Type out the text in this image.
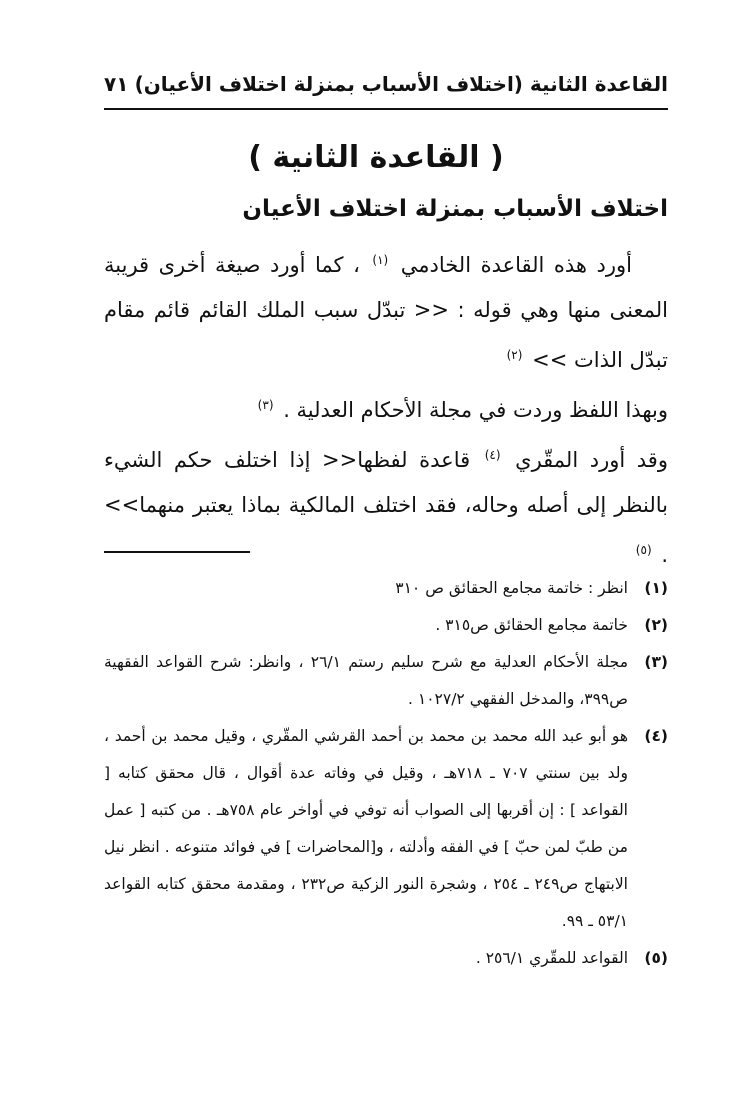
القاعدة الثانية (اختلاف الأسباب بمنزلة اختلاف الأعيان)
٧١
( القاعدة الثانية )
اختلاف الأسباب بمنزلة اختلاف الأعيان

أورد هذه القاعدة الخادمي $^{(١)}$ ، كما أورد صيغة أخرى قريبة المعنى منها وهي قوله : << تبدّل سبب الملك القائم قائم مقام تبدّل الذات >> $^{(٢)}$

وبهذا اللفظ وردت في مجلة الأحكام العدلية . $^{(٣)}$

وقد أورد المقّري $^{(٤)}$ قاعدة لفظها<< إذا اختلف حكم الشيء بالنظر إلى أصله وحاله، فقد اختلف المالكية بماذا يعتبر منهما>> . $^{(٥)}$

(١)
انظر : خاتمة مجامع الحقائق ص ٣١٠
(٢)
خاتمة مجامع الحقائق ص٣١٥ .
(٣)
مجلة الأحكام العدلية مع شرح سليم رستم ٢٦/١ ، وانظر: شرح القواعد الفقهية ص٣٩٩، والمدخل الفقهي ١٠٢٧/٢ .
(٤)
هو أبو عبد الله محمد بن محمد بن أحمد القرشي المقّري ، وقيل محمد بن أحمد ، ولد بين سنتي ٧٠٧ ـ ٧١٨هـ ، وقيل في وفاته عدة أقوال ، قال محقق كتابه [ القواعد ] : إن أقربها إلى الصواب أنه توفي في أواخر عام ٧٥٨هـ . من كتبه [ عمل من طبّ لمن حبّ ] في الفقه وأدلته ، و[المحاضرات ] في فوائد متنوعه . انظر نيل الابتهاج ص٢٤٩ ـ ٢٥٤ ، وشجرة النور الزكية ص٢٣٢ ، ومقدمة محقق كتابه القواعد ٥٣/١ ـ ٩٩.
(٥)
القواعد للمقّري ٢٥٦/١ .
